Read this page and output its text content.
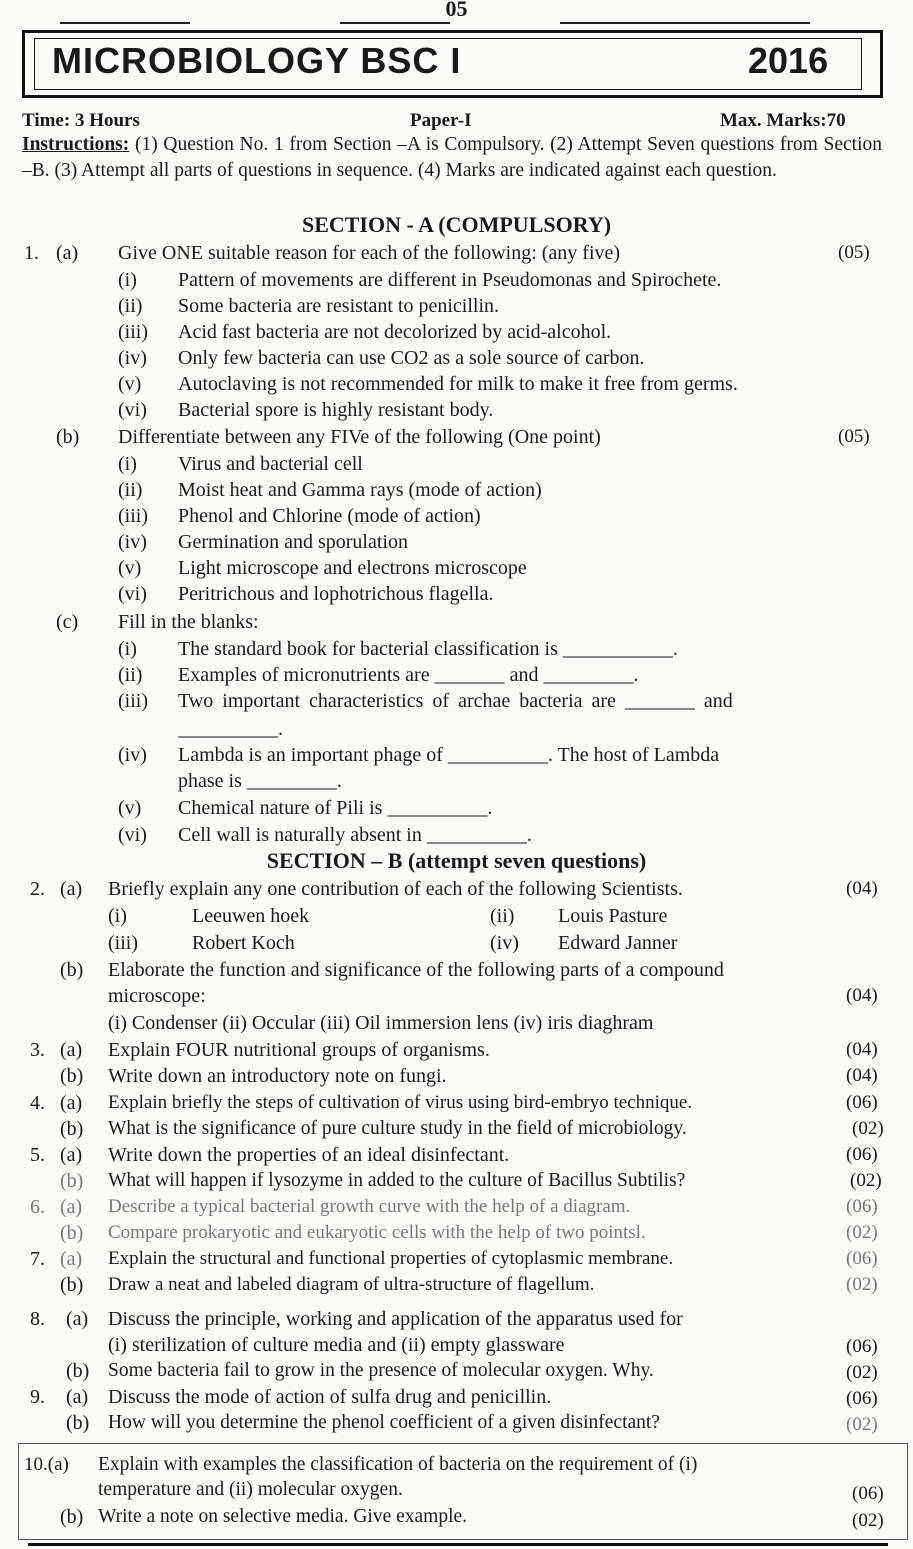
05
MICROBIOLOGY BSC I	2016
Time: 3 Hours	Paper-I	Max. Marks:70
Instructions: (1) Question No. 1 from Section –A is Compulsory. (2) Attempt Seven questions from Section –B. (3) Attempt all parts of questions in sequence. (4) Marks are indicated against each question.
SECTION - A (COMPULSORY)
1. (a) Give ONE suitable reason for each of the following: (any five)	(05)
(i) Pattern of movements are different in Pseudomonas and Spirochete.
(ii) Some bacteria are resistant to penicillin.
(iii) Acid fast bacteria are not decolorized by acid-alcohol.
(iv) Only few bacteria can use CO2 as a sole source of carbon.
(v) Autoclaving is not recommended for milk to make it free from germs.
(vi) Bacterial spore is highly resistant body.
(b) Differentiate between any FIVe of the following (One point)	(05)
(i) Virus and bacterial cell
(ii) Moist heat and Gamma rays (mode of action)
(iii) Phenol and Chlorine (mode of action)
(iv) Germination and sporulation
(v) Light microscope and electrons microscope
(vi) Peritrichous and lophotrichous flagella.
(c) Fill in the blanks:
(i) The standard book for bacterial classification is ___________.
(ii) Examples of micronutrients are _______ and _________.
(iii) Two important characteristics of archae bacteria are _______ and
__________.
(iv) Lambda is an important phage of __________. The host of Lambda
phase is _________.
(v) Chemical nature of Pili is __________.
(vi) Cell wall is naturally absent in __________.
SECTION – B (attempt seven questions)
2. (a) Briefly explain any one contribution of each of the following Scientists.	(04)
(i)	Leeuwen hoek	(ii) Louis Pasture
(iii)	Robert Koch	(iv) Edward Janner
(b) Elaborate the function and significance of the following parts of a compound
microscope:	(04)
(i) Condenser (ii) Occular (iii) Oil immersion lens (iv) iris diaghram
3. (a) Explain FOUR nutritional groups of organisms.	(04)
(b) Write down an introductory note on fungi.	(04)
4. (a) Explain briefly the steps of cultivation of virus using bird-embryo technique.	(06)
(b) What is the significance of pure culture study in the field of microbiology.	(02)
5. (a) Write down the properties of an ideal disinfectant.	(06)
(b) What will happen if lysozyme in added to the culture of Bacillus Subtilis?	(02)
6. (a) Describe a typical bacterial growth curve with the help of a diagram.	(06)
(b) Compare prokaryotic and eukaryotic cells with the help of two pointsl.	(02)
7. (a) Explain the structural and functional properties of cytoplasmic membrane.	(06)
(b) Draw a neat and labeled diagram of ultra-structure of flagellum.	(02)
8. (a) Discuss the principle, working and application of the apparatus used for
(i) sterilization of culture media and (ii) empty glassware	(06)
(b) Some bacteria fail to grow in the presence of molecular oxygen. Why.	(02)
9. (a) Discuss the mode of action of sulfa drug and penicillin.	(06)
(b) How will you determine the phenol coefficient of a given disinfectant?	(02)
10.(a) Explain with examples the classification of bacteria on the requirement of (i)
temperature and (ii) molecular oxygen.	(06)
(b) Write a note on selective media. Give example.	(02)
